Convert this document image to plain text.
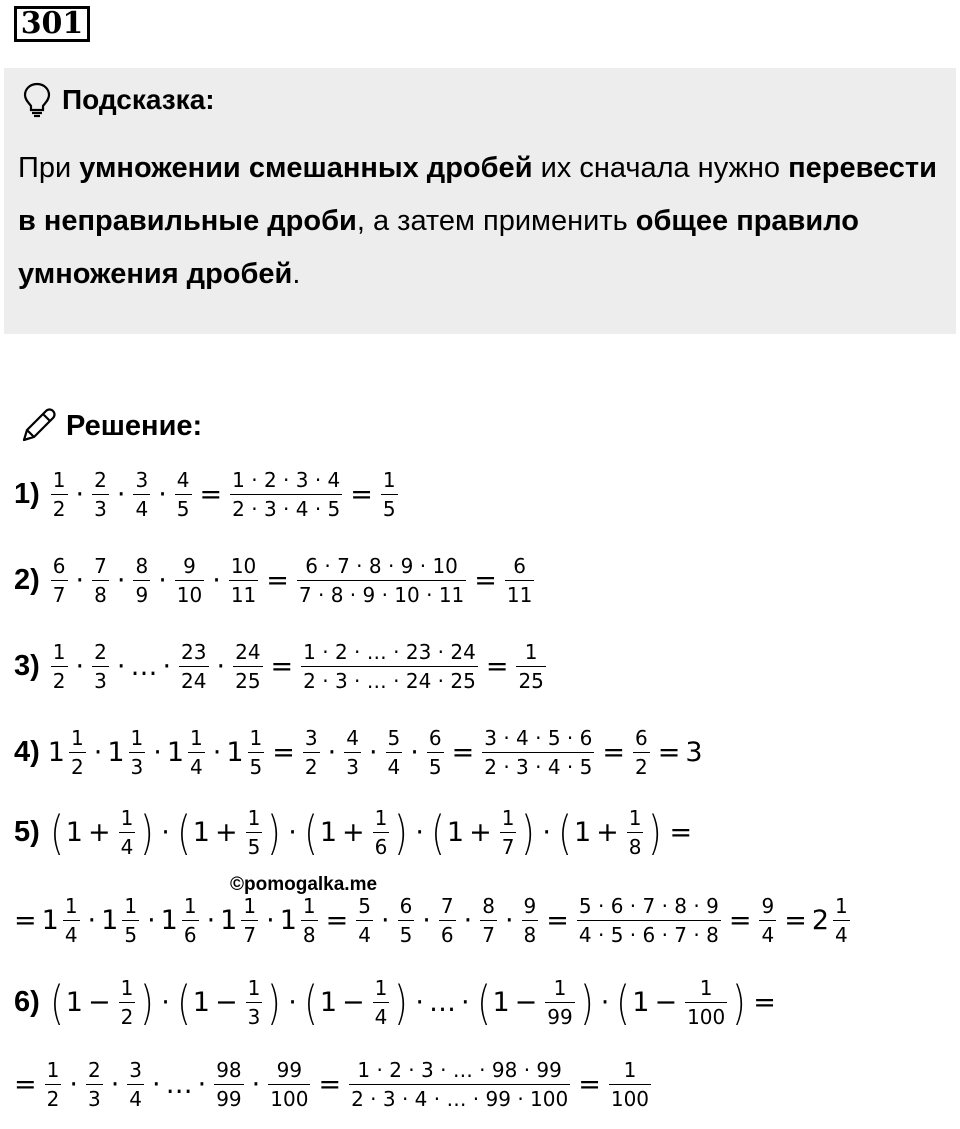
301
Подсказка:
При умножении смешанных дробей их сначала нужно перевести в неправильные дроби, а затем применить общее правило умножения дробей.
Решение:
©pomogalka.me
$1) \frac{1}{2} \cdot \frac{2}{3} \cdot \frac{3}{4} \cdot \frac{4}{5} = \frac{1 \cdot 2 \cdot 3 \cdot 4}{2 \cdot 3 \cdot 4 \cdot 5} = \frac{1}{5}$
$2) \frac{6}{7} \cdot \frac{7}{8} \cdot \frac{8}{9} \cdot \frac{9}{10} \cdot \frac{10}{11} = \frac{6 \cdot 7 \cdot 8 \cdot 9 \cdot 10}{7 \cdot 8 \cdot 9 \cdot 10 \cdot 11} = \frac{6}{11}$
$3) \frac{1}{2} \cdot \frac{2}{3}$ · … · $\frac{23}{24} \cdot \frac{24}{25} = \frac{1 \cdot 2 \cdot \dots \cdot 23 \cdot 24}{2 \cdot 3 \cdot \dots \cdot 24 \cdot 25} = \frac{1}{25}$
4) $1 \frac{1}{2} \cdot 1 \frac{1}{3} \cdot 1 \frac{1}{4} \cdot 1 \frac{1}{5} = \frac{3}{2} \cdot \frac{4}{3} \cdot \frac{5}{4} \cdot \frac{6}{5} = \frac{3 \cdot 4 \cdot 5 \cdot 6}{2 \cdot 3 \cdot 4 \cdot 5} = \frac{6}{2} = 3$
5) ( $1 + \frac{1}{4}$ ) · ( $1 + \frac{1}{5}$ ) · ( $1 + \frac{1}{6}$ ) · ( $1 + \frac{1}{7}$ ) · ( $1 + \frac{1}{8}$ ) =
= $1 \frac{1}{4} \cdot 1 \frac{1}{5} \cdot 1 \frac{1}{6} \cdot 1 \frac{1}{7} \cdot 1 \frac{1}{8} = \frac{5}{4} \cdot \frac{6}{5} \cdot \frac{7}{6} \cdot \frac{8}{7} \cdot \frac{9}{8} = \frac{5 \cdot 6 \cdot 7 \cdot 8 \cdot 9}{4 \cdot 5 \cdot 6 \cdot 7 \cdot 8} = \frac{9}{4} = 2 \frac{1}{4}$
6) ( $1 - \frac{1}{2}$ ) · ( $1 - \frac{1}{3}$ ) · ( $1 - \frac{1}{4}$ ) · … · ( $1 - \frac{1}{99}$ ) · ( $1 - \frac{1}{100}$ ) =
= $\frac{1}{2} \cdot \frac{2}{3} \cdot \frac{3}{4}$ · … · $\frac{98}{99} \cdot \frac{99}{100} = \frac{1 \cdot 2 \cdot 3 \cdot \dots \cdot 98 \cdot 99}{2 \cdot 3 \cdot 4 \cdot \dots \cdot 99 \cdot 100} = \frac{1}{100}$
